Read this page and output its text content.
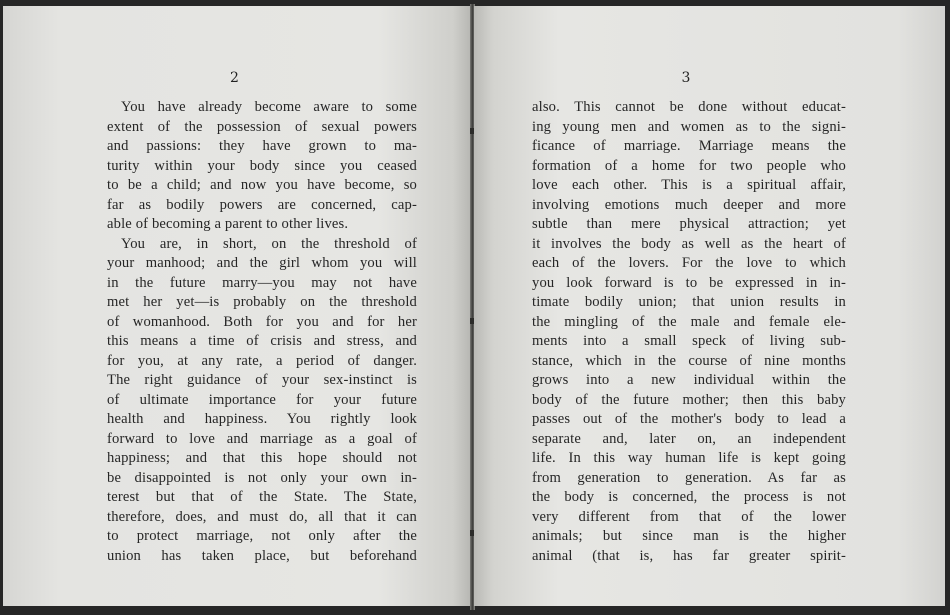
2
You have already become aware to some
extent of the possession of sexual powers
and passions: they have grown to ma-
turity within your body since you ceased
to be a child; and now you have become, so
far as bodily powers are concerned, cap-
able of becoming a parent to other lives.
You are, in short, on the threshold of
your manhood; and the girl whom you will
in the future marry—you may not have
met her yet—is probably on the threshold
of womanhood. Both for you and for her
this means a time of crisis and stress, and
for you, at any rate, a period of danger.
The right guidance of your sex-instinct is
of ultimate importance for your future
health and happiness. You rightly look
forward to love and marriage as a goal of
happiness; and that this hope should not
be disappointed is not only your own in-
terest but that of the State. The State,
therefore, does, and must do, all that it can
to protect marriage, not only after the
union has taken place, but beforehand
3
also. This cannot be done without educat-
ing young men and women as to the signi-
ficance of marriage. Marriage means the
formation of a home for two people who
love each other. This is a spiritual affair,
involving emotions much deeper and more
subtle than mere physical attraction; yet
it involves the body as well as the heart of
each of the lovers. For the love to which
you look forward is to be expressed in in-
timate bodily union; that union results in
the mingling of the male and female ele-
ments into a small speck of living sub-
stance, which in the course of nine months
grows into a new individual within the
body of the future mother; then this baby
passes out of the mother's body to lead a
separate and, later on, an independent
life. In this way human life is kept going
from generation to generation. As far as
the body is concerned, the process is not
very different from that of the lower
animals; but since man is the higher
animal (that is, has far greater spirit-
